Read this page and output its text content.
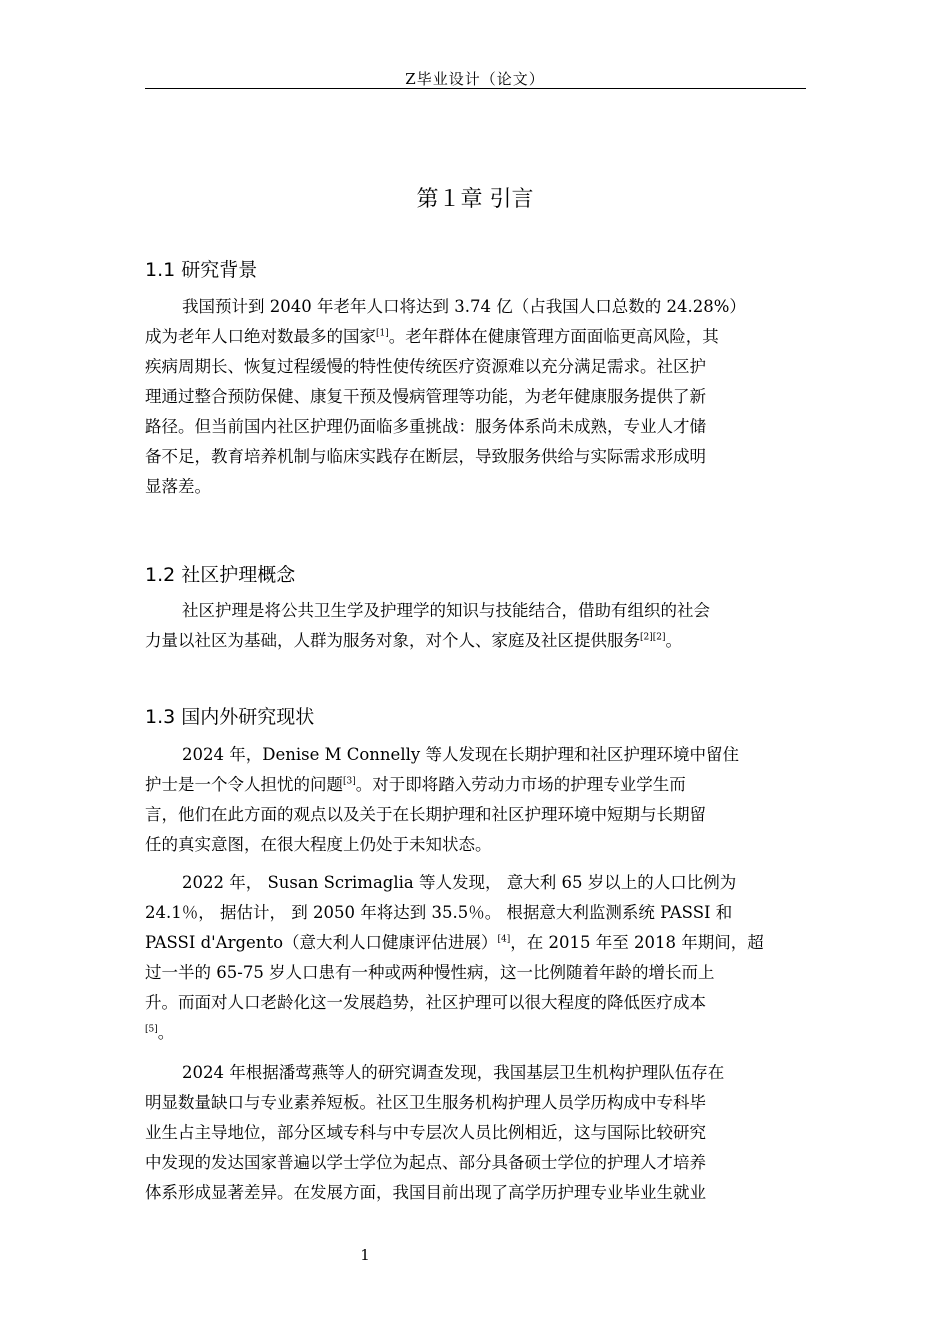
Z毕业设计（论文）
第１章 引言
1.1 研究背景
我国预计到 2040 年老年人口将达到 3.74 亿（占我国人口总数的 24.28%）
成为老年人口绝对数最多的国家[1]。老年群体在健康管理方面面临更高风险，其
疾病周期长、恢复过程缓慢的特性使传统医疗资源难以充分满足需求。社区护
理通过整合预防保健、康复干预及慢病管理等功能，为老年健康服务提供了新
路径。但当前国内社区护理仍面临多重挑战：服务体系尚未成熟，专业人才储
备不足，教育培养机制与临床实践存在断层，导致服务供给与实际需求形成明
显落差。
1.2 社区护理概念
社区护理是将公共卫生学及护理学的知识与技能结合，借助有组织的社会
力量以社区为基础，人群为服务对象，对个人、家庭及社区提供服务[2][2]。
1.3 国内外研究现状
2024 年，Denise M Connelly 等人发现在长期护理和社区护理环境中留住
护士是一个令人担忧的问题[3]。对于即将踏入劳动力市场的护理专业学生而
言，他们在此方面的观点以及关于在长期护理和社区护理环境中短期与长期留
任的真实意图，在很大程度上仍处于未知状态。
2022 年， Susan Scrimaglia 等人发现， 意大利 65 岁以上的人口比例为
24.1％， 据估计， 到 2050 年将达到 35.5％。 根据意大利监测系统 PASSI 和
PASSI d'Argento（意大利人口健康评估进展）[4]，在 2015 年至 2018 年期间，超
过一半的 65-75 岁人口患有一种或两种慢性病，这一比例随着年龄的增长而上
升。而面对人口老龄化这一发展趋势，社区护理可以很大程度的降低医疗成本
[5]。
2024 年根据潘莺燕等人的研究调查发现，我国基层卫生机构护理队伍存在
明显数量缺口与专业素养短板。社区卫生服务机构护理人员学历构成中专科毕
业生占主导地位，部分区域专科与中专层次人员比例相近，这与国际比较研究
中发现的发达国家普遍以学士学位为起点、部分具备硕士学位的护理人才培养
体系形成显著差异。在发展方面，我国目前出现了高学历护理专业毕业生就业
1
